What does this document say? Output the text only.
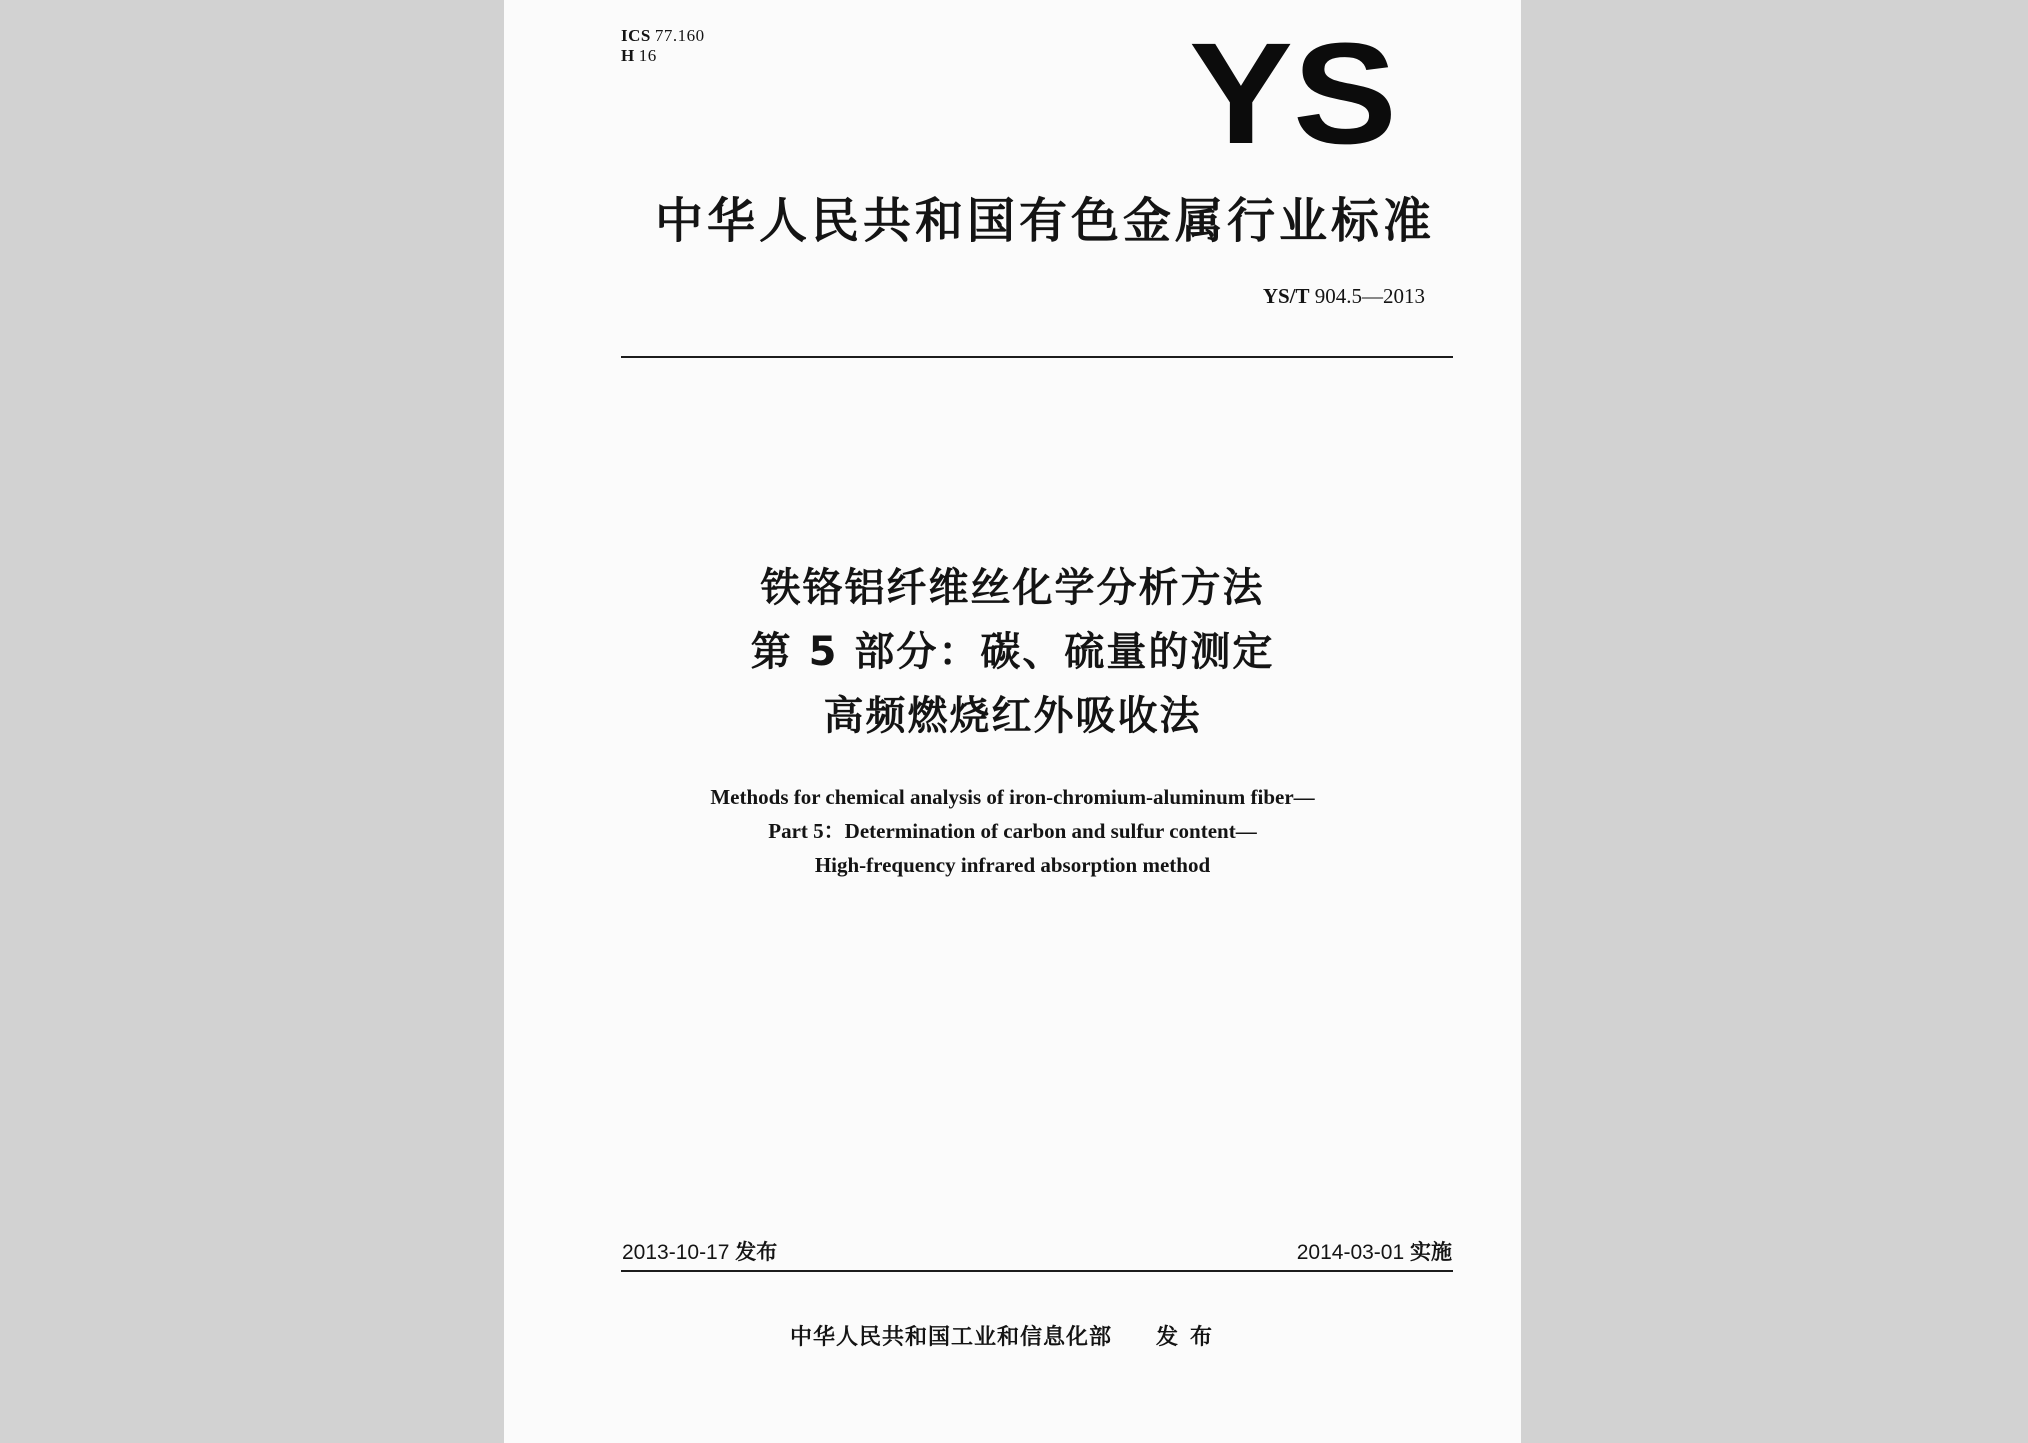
ICS 77.160
H 16	YS
中华人民共和国有色金属行业标准
YS/T 904.5—2013
铁铬铝纤维丝化学分析方法
第 5 部分：碳、硫量的测定
高频燃烧红外吸收法
Methods for chemical analysis of iron-chromium-aluminum fiber—
Part 5：Determination of carbon and sulfur content—
High-frequency infrared absorption method
2013-10-17 发布	2014-03-01 实施
中华人民共和国工业和信息化部 发布
